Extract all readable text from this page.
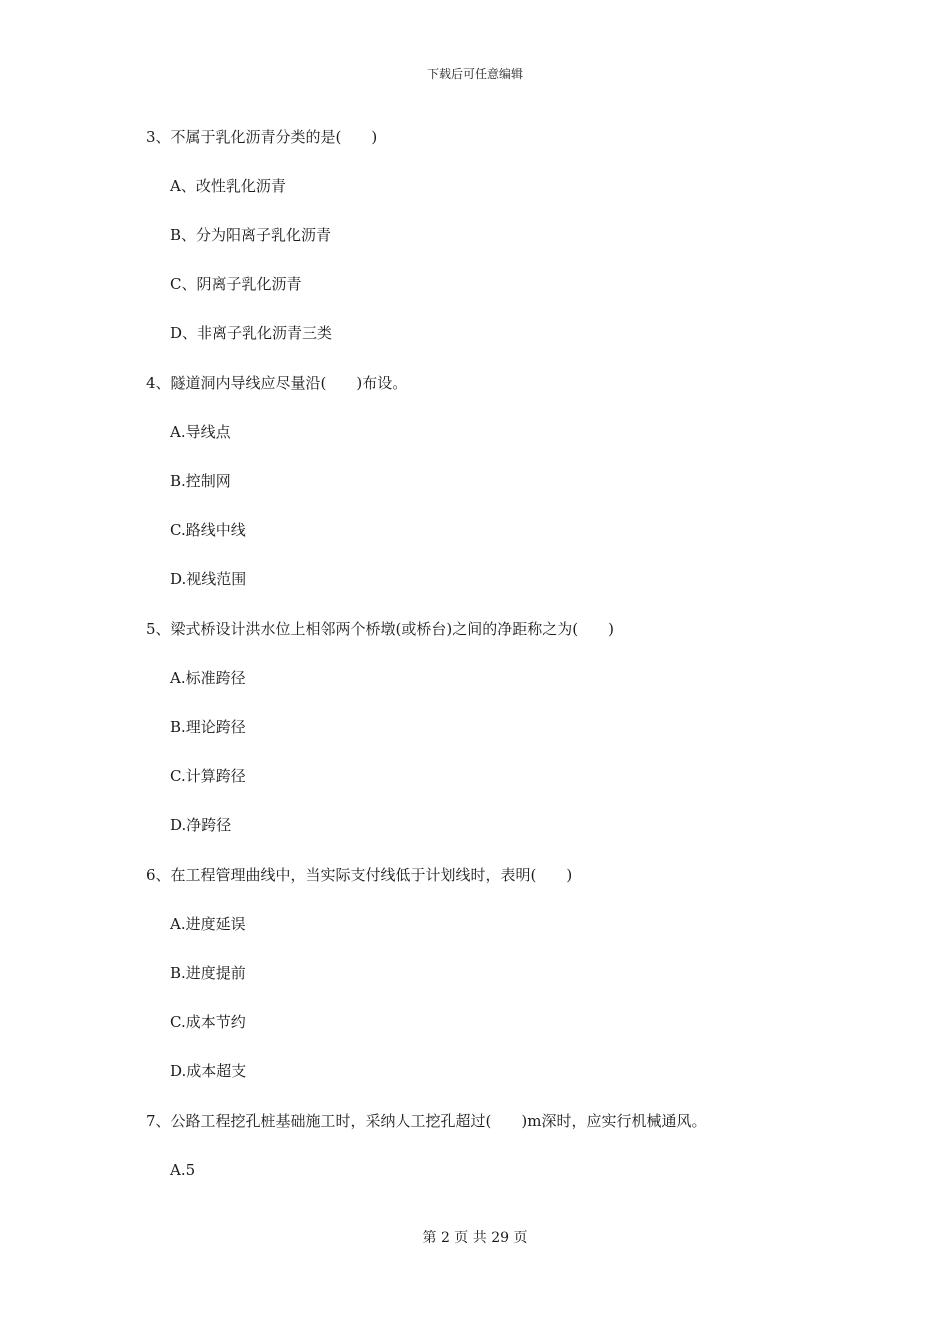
下载后可任意编辑
3、不属于乳化沥青分类的是(　　)
A、改性乳化沥青
B、分为阳离子乳化沥青
C、阴离子乳化沥青
D、非离子乳化沥青三类
4、隧道洞内导线应尽量沿(　　)布设。
A.导线点
B.控制网
C.路线中线
D.视线范围
5、梁式桥设计洪水位上相邻两个桥墩(或桥台)之间的净距称之为(　　)
A.标准跨径
B.理论跨径
C.计算跨径
D.净跨径
6、在工程管理曲线中，当实际支付线低于计划线时，表明(　　)
A.进度延误
B.进度提前
C.成本节约
D.成本超支
7、公路工程挖孔桩基础施工时，采纳人工挖孔超过(　　)m深时，应实行机械通风。
A.5
第 2 页 共 29 页
